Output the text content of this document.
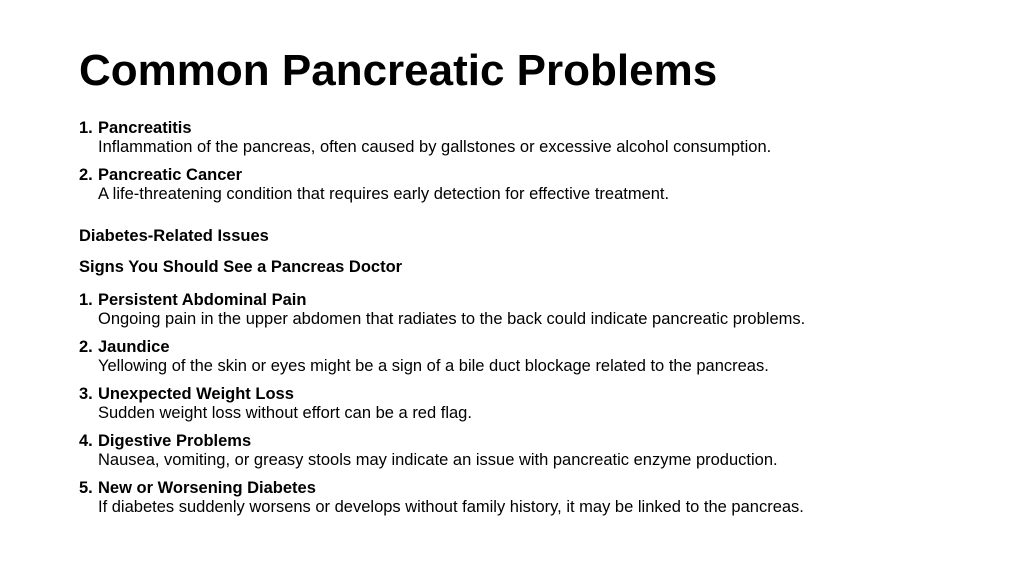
Common Pancreatic Problems
1. Pancreatitis
Inflammation of the pancreas, often caused by gallstones or excessive alcohol consumption.
2. Pancreatic Cancer
A life-threatening condition that requires early detection for effective treatment.
Diabetes-Related Issues
Signs You Should See a Pancreas Doctor
1. Persistent Abdominal Pain
Ongoing pain in the upper abdomen that radiates to the back could indicate pancreatic problems.
2. Jaundice
Yellowing of the skin or eyes might be a sign of a bile duct blockage related to the pancreas.
3. Unexpected Weight Loss
Sudden weight loss without effort can be a red flag.
4. Digestive Problems
Nausea, vomiting, or greasy stools may indicate an issue with pancreatic enzyme production.
5. New or Worsening Diabetes
If diabetes suddenly worsens or develops without family history, it may be linked to the pancreas.
